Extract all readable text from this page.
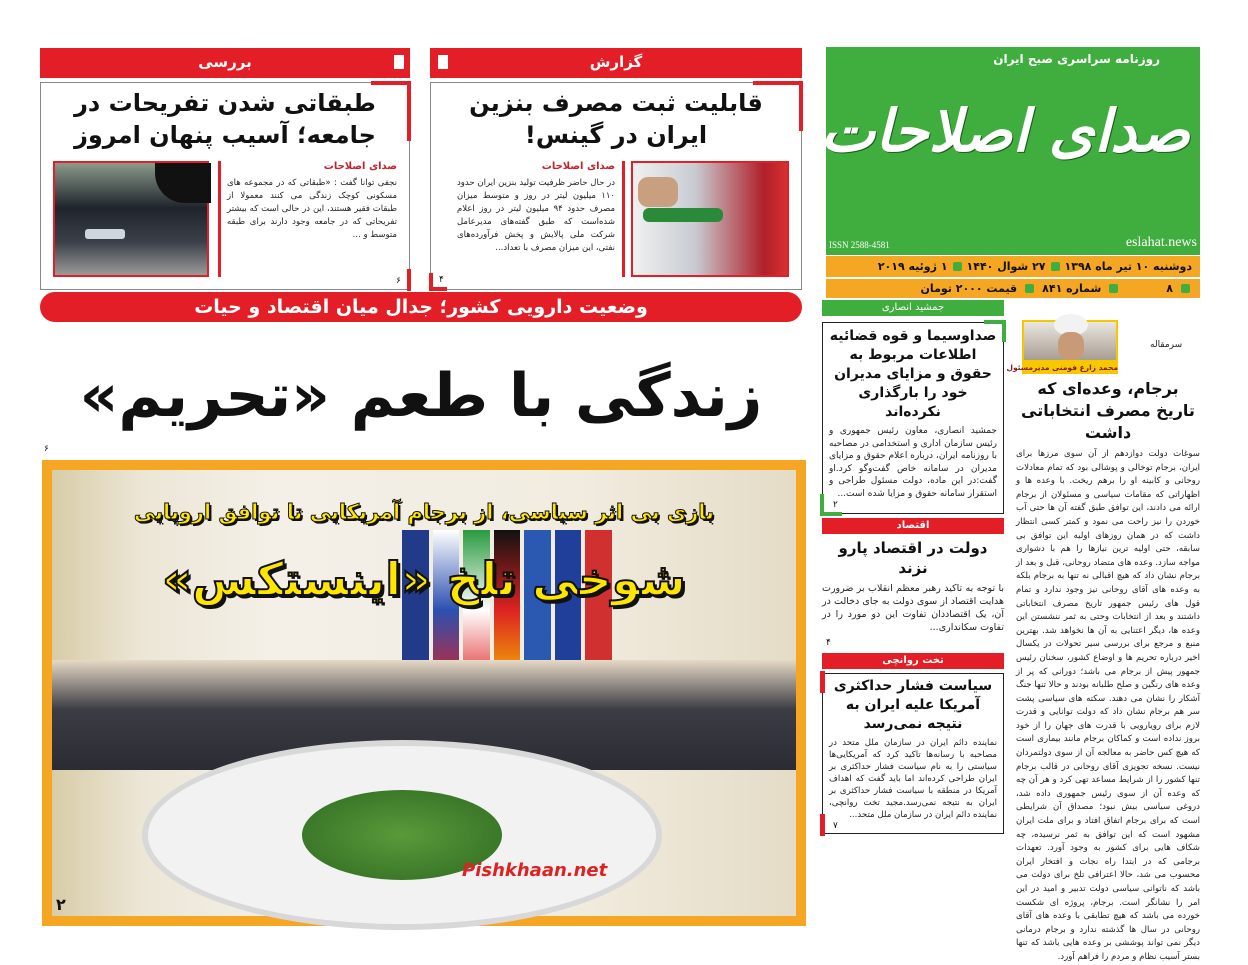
روزنامه سراسری صبح ایران
صدای اصلاحات
ISSN 2588-4581	eslahat.news
دوشنبه ۱۰ تیر ماه ۱۳۹۸
۲۷ شوال ۱۴۴۰
۱ ژوئیه ۲۰۱۹
۸
شماره ۸۴۱
قیمت ۲۰۰۰ تومان
سرمقاله
محمد زارع فومنی مدیرمسئول
برجام، وعده‌ای که تاریخ مصرف انتخاباتی داشت
سوغات دولت دوازدهم از آن سوی مرزها برای ایران، برجام توخالی و پوشالی بود که تمام معادلات روحانی و کابینه او را برهم ریخت. با وعده ها و اظهاراتی که مقامات سیاسی و مسئولان از برجام ارائه می دادند، این توافق طبق گفته آن ها حتی آب خوردن را نیز راحت می نمود و کمتر کسی انتظار داشت که در همان روزهای اولیه این توافق بی سابقه، حتی اولیه ترین نیازها را هم با دشواری مواجه سازد. وعده های متضاد روحانی، قبل و بعد از برجام نشان داد که هیچ اقبالی نه تنها به برجام بلکه به وعده های آقای روحانی نیز وجود ندارد و تمام قول های رئیس جمهور تاریخ مصرف انتخاباتی داشتند و بعد از انتخابات وحتی به ثمر ننشستن این وعده ها، دیگر اعتنایی به آن ها نخواهد شد. بهترین منبع و مرجع برای بررسی سیر تحولات در یکسال اخیر درباره تحریم ها و اوضاع کشور، سخنان رئیس جمهور پیش از برجام می باشد؛ دورانی که پر از وعده های رنگین و صلح طلبانه بودند و حالا تنها جنگ آشکار را نشان می دهند. سکته های سیاسی پشت سر هم برجام نشان داد که دولت توانایی و قدرت لازم برای رویارویی با قدرت های جهان را از خود بروز نداده است و کماکان برجام مانند بیماری است که هیچ کس حاضر به معالجه آن از سوی دولتمردان نیست. نسخه تجویزی آقای روحانی در قالب برجام تنها کشور را از شرایط مساعد تهی کرد و هر آن چه که وعده آن از سوی رئیس جمهوری داده شد، دروغی سیاسی بیش نبود؛ مصداق آن شرایطی است که برای برجام اتفاق افتاد و برای ملت ایران مشهود است که این توافق به ثمر نرسیده، چه شکاف هایی برای کشور به وجود آورد. تعهدات برجامی که در ابتدا راه نجات و افتخار ایران محسوب می شد، حالا اعترافی تلخ برای دولت می باشد که ناتوانی سیاسی دولت تدبیر و امید در این امر را نشانگر است. برجام، پروژه ای شکست خورده می باشد که هیچ تطابقی با وعده های آقای روحانی در سال ها گذشته ندارد و برجام درمانی دیگر نمی تواند پوششی بر وعده هایی باشد که تنها بستر آسیب نظام و مردم را فراهم آورد.
جمشید انصاری
صداوسیما و قوه قضائیه اطلاعات مربوط به حقوق و مزایای مدیران خود را بارگذاری نکرده‌اند
جمشید انصاری، معاون رئیس جمهوری و رئیس سازمان اداری و استخدامی در مصاحبه با روزنامه ایران، درباره اعلام حقوق و مزایای مدیران در سامانه خاص گفت‌وگو کرد.او گفت:در این ماده، دولت مسئول طراحی و استقرار سامانه حقوق و مزایا شده است...
۲
اقتصاد
دولت در اقتصاد پارو نزند
با توجه به تاکید رهبر معظم انقلاب بر ضرورت هدایت اقتصاد از سوی دولت به جای دخالت در آن، یک اقتصاددان تفاوت این دو مورد را در تفاوت سکانداری...
۴
تخت روانچی
سیاست فشار حداکثری آمریکا علیه ایران به نتیجه نمی‌رسد
نماینده دائم ایران در سازمان ملل متحد در مصاحبه با رسانه‌ها تاکید کرد که آمریکایی‌ها سیاستی را به نام سیاست فشار حداکثری بر ایران طراحی کرده‌اند اما باید گفت که اهداف آمریکا در منطقه با سیاست فشار حداکثری بر ایران به نتیجه نمی‌رسد.مجید تخت روانچی، نماینده دائم ایران در سازمان ملل متحد...
۷
گزارش
قابلیت ثبت مصرف بنزین ایران در گینس!
صدای اصلاحات
در حال حاضر ظرفیت تولید بنزین ایران حدود ۱۱۰ میلیون لیتر در روز و متوسط میزان مصرف حدود ۹۴ میلیون لیتر در روز اعلام شده‌است که طبق گفته‌های مدیرعامل شرکت ملی پالایش و پخش فرآورده‌های نفتی، این میزان مصرف با تعداد...
۴
بررسی
طبقاتی شدن تفریحات در جامعه؛ آسیب پنهان امروز
صدای اصلاحات
نجفی توانا گفت : «طبقاتی که در مجموعه های مسکونی کوچک زندگی می کنند معمولا از طبقات فقیر هستند، این در حالی است که بیشتر تفریحاتی که در جامعه وجود دارند برای طبقه متوسط و ...
۶
وضعیت دارویی کشور؛ جدال میان اقتصاد و حیات
زندگی با طعم «تحریم»
۶
بازی بی اثر سیاسی، از برجام آمریکایی تا توافق اروپایی
شوخی تلخ «اینستکس»
Pishkhaan.net
۲
